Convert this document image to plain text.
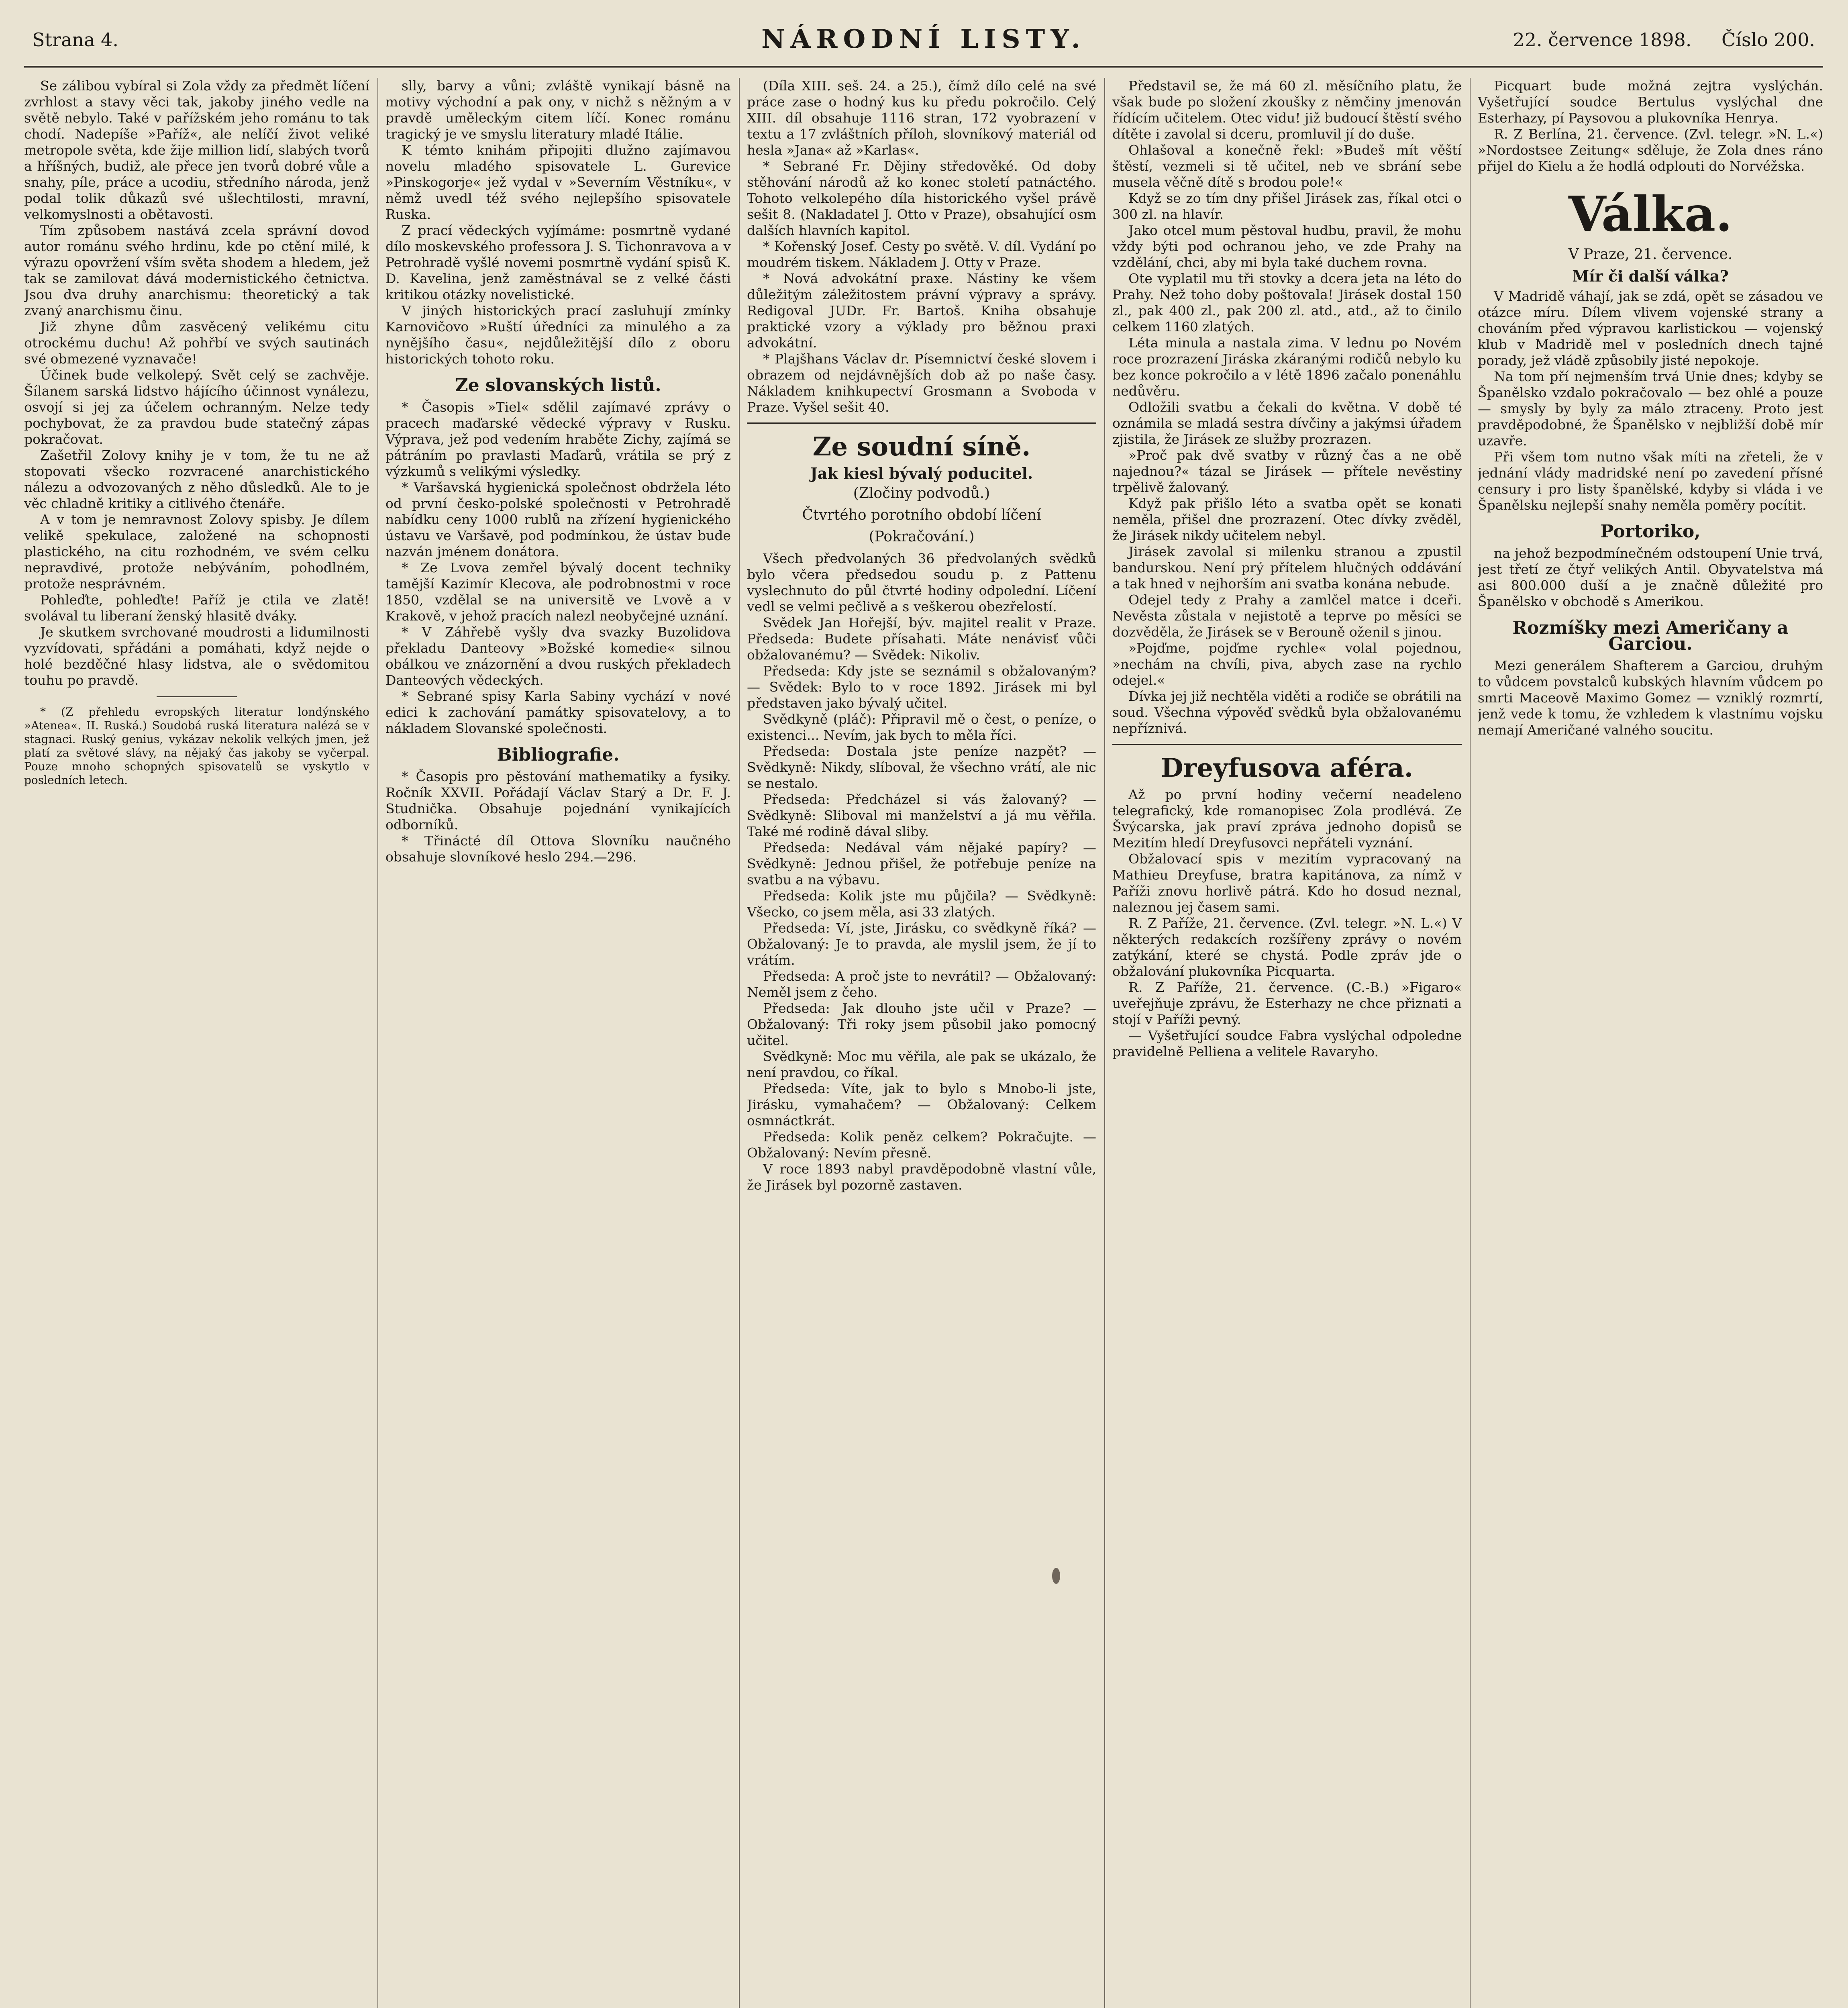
Strana 4.	NÁRODNÍ LISTY.	22. července 1898. Číslo 200.

Se zálibou vybíral si Zola vždy za předmět líčení zvrhlost a stavy věci tak, jakoby jiného vedle na světě nebylo. Také v pařížském jeho románu to tak chodí. Nadepíše »Paříž«, ale nelíčí život veliké metropole světa, kde žije million lidí, slabých tvorů a hříšných, budiž, ale přece jen tvorů dobré vůle a snahy, píle, práce a ucodiu, středního národa, jenž podal tolik důkazů své ušlechtilosti, mravní, velkomyslnosti a obětavosti.

Tím způsobem nastává zcela správní dovod autor románu svého hrdinu, kde po ctění milé, k výrazu opovržení vším světa shodem a hledem, jež tak se zamilovat dává modernistického četnictva. Jsou dva druhy anarchismu: theoretický a tak zvaný anarchismu činu.

Již zhyne dům zasvěcený velikému citu otrockému duchu! Až pohřbí ve svých sautinách své obmezené vyznavače!

Účinek bude velkolepý. Svět celý se zachvěje. Šílanem sarská lidstvo hájícího účinnost vynálezu, osvojí si jej za účelem ochranným. Nelze tedy pochybovat, že za pravdou bude statečný zápas pokračovat.

Zašetřil Zolovy knihy je v tom, že tu ne až stopovati všecko rozvracené anarchistického nálezu a odvozovaných z něho důsledků. Ale to je věc chladně kritiky a citlivého čtenáře.

A v tom je nemravnost Zolovy spisby. Je dílem velikě spekulace, založené na schopnosti plastického, na citu rozhodném, ve svém celku nepravdivé, protože nebýváním, pohodlném, protože nesprávném.

Pohleďte, pohleďte! Paříž je ctila ve zlatě! svolával tu liberaní ženský hlasitě dváky.

Je skutkem svrchované moudrosti a lidumilnosti vyzvídovati, spřádáni a pomáhati, když nejde o holé bezděčné hlasy lidstva, ale o svědomitou touhu po pravdě.

* (Z přehledu evropských literatur londýnského »Atenea«. II. Ruská.) Soudobá ruská literatura nalézá se v stagnaci. Ruský genius, vykázav nekolik velkých jmen, jež platí za světové slávy, na nějaký čas jakoby se vyčerpal. Pouze mnoho schopných spisovatelů se vyskytlo v posledních letech.

slly, barvy a vůni; zvláště vynikají básně na motivy východní a pak ony, v nichž s něžným a v pravdě uměleckým citem líčí. Konec románu tragický je ve smyslu literatury mladé Itálie.

K témto knihám připojiti dlužno zajímavou novelu mladého spisovatele L. Gurevice »Pinskogorje« jež vydal v »Severním Věstníku«, v němž uvedl též svého nejlepšího spisovatele Ruska.

Z prací vědeckých vyjímáme: posmrtně vydané dílo moskevského professora J. S. Tichonravova a v Petrohradě vyšlé novemi posmrtně vydání spisů K. D. Kavelina, jenž zaměstnával se z velké části kritikou otázky novelistické.

V jiných historických prací zasluhují zmínky Karnovičovo »Ruští úředníci za minulého a za nynějšího času«, nejdůležitější dílo z oboru historických tohoto roku.

Ze slovanských listů.

* Časopis »Tiel« sdělil zajímavé zprávy o pracech maďarské vědecké výpravy v Rusku. Výprava, jež pod vedením hraběte Zichy, zajímá se pátráním po pravlasti Maďarů, vrátila se prý z výzkumů s velikými výsledky.

* Varšavská hygienická společnost obdržela léto od první česko-polské společnosti v Petrohradě nabídku ceny 1000 rublů na zřízení hygienického ústavu ve Varšavě, pod podmínkou, že ústav bude nazván jménem donátora.

* Ze Lvova zemřel bývalý docent techniky tamější Kazimír Klecova, ale podrobnostmi v roce 1850, vzdělal se na universitě ve Lvově a v Krakově, v jehož pracích nalezl neobyčejné uznání.

* V Záhřebě vyšly dva svazky Buzolidova překladu Danteovy »Božské komedie« silnou obálkou ve znázornění a dvou ruských překladech Danteových vědeckých.

* Sebrané spisy Karla Sabiny vychází v nové edici k zachování památky spisovatelovy, a to nákladem Slovanské společnosti.

Bibliografie.

* Časopis pro pěstování mathematiky a fysiky. Ročník XXVII. Pořádají Václav Starý a Dr. F. J. Studnička. Obsahuje pojednání vynikajících odborníků.

* Třinácté díl Ottova Slovníku naučného obsahuje slovníkové heslo 294.—296.

(Díla XIII. seš. 24. a 25.), čímž dílo celé na své práce zase o hodný kus ku předu pokročilo. Celý XIII. díl obsahuje 1116 stran, 172 vyobrazení v textu a 17 zvláštních příloh, slovníkový materiál od hesla »Jana« až »Karlas«.

* Sebrané Fr. Dějiny středověké. Od doby stěhování národů až ko konec století patnáctého. Tohoto velkolepého díla historického vyšel právě sešit 8. (Nakladatel J. Otto v Praze), obsahující osm dalších hlavních kapitol.

* Kořenský Josef. Cesty po světě. V. díl. Vydání po moudrém tiskem. Nákladem J. Otty v Praze.

* Nová advokátní praxe. Nástiny ke všem důležitým záležitostem právní výpravy a správy. Redigoval JUDr. Fr. Bartoš. Kniha obsahuje praktické vzory a výklady pro běžnou praxi advokátní.

* Plajšhans Václav dr. Písemnictví české slovem i obrazem od nejdávnějších dob až po naše časy. Nákladem knihkupectví Grosmann a Svoboda v Praze. Vyšel sešit 40.

Ze soudní síně.
Jak kiesl bývalý poducitel.
(Zločiny podvodů.)
Čtvrtého porotního období líčení
(Pokračování.)

Všech předvolaných 36 předvolaných svědků bylo včera předsedou soudu p. z Pattenu vyslechnuto do půl čtvrté hodiny odpolední. Líčení vedl se velmi pečlivě a s veškerou obezřelostí.

Svědek Jan Hořejší, býv. majitel realit v Praze. Předseda: Budete přísahati. Máte nenávisť vůči obžalovanému? — Svědek: Nikoliv.

Předseda: Kdy jste se seznámil s obžalovaným? — Svědek: Bylo to v roce 1892. Jirásek mi byl představen jako bývalý učitel.

Svědkyně (pláč): Připravil mě o čest, o peníze, o existenci... Nevím, jak bych to měla říci.

Předseda: Dostala jste peníze nazpět? — Svědkyně: Nikdy, slíboval, že všechno vrátí, ale nic se nestalo.

Předseda: Předcházel si vás žalovaný? — Svědkyně: Sliboval mi manželství a já mu věřila. Také mé rodině dával sliby.

Předseda: Nedával vám nějaké papíry? — Svědkyně: Jednou přišel, že potřebuje peníze na svatbu a na výbavu.

Předseda: Kolik jste mu půjčila? — Svědkyně: Všecko, co jsem měla, asi 33 zlatých.

Předseda: Ví, jste, Jirásku, co svědkyně říká? — Obžalovaný: Je to pravda, ale myslil jsem, že jí to vrátím.

Předseda: A proč jste to nevrátil? — Obžalovaný: Neměl jsem z čeho.

Předseda: Jak dlouho jste učil v Praze? — Obžalovaný: Tři roky jsem působil jako pomocný učitel.

Svědkyně: Moc mu věřila, ale pak se ukázalo, že není pravdou, co říkal.

Předseda: Víte, jak to bylo s Mnobo-li jste, Jirásku, vymahačem? — Obžalovaný: Celkem osmnáctkrát.

Předseda: Kolik peněz celkem? Pokračujte. — Obžalovaný: Nevím přesně.

V roce 1893 nabyl pravděpodobně vlastní vůle, že Jirásek byl pozorně zastaven.

Představil se, že má 60 zl. měsíčního platu, že však bude po složení zkoušky z němčiny jmenován řídícím učitelem. Otec vidu! již budoucí štěstí svého dítěte i zavolal si dceru, promluvil jí do duše.

Ohlašoval a konečně řekl: »Budeš mít věští štěstí, vezmeli si tě učitel, neb ve sbrání sebe musela věčně dítě s brodou pole!«

Když se zo tím dny přišel Jirásek zas, říkal otci o 300 zl. na hlavír.

Jako otcel mum pěstoval hudbu, pravil, že mohu vždy býti pod ochranou jeho, ve zde Prahy na vzdělání, chci, aby mi byla také duchem rovna.

Ote vyplatil mu tři stovky a dcera jeta na léto do Prahy. Než toho doby poštovala! Jirásek dostal 150 zl., pak 400 zl., pak 200 zl. atd., atd., až to činilo celkem 1160 zlatých.

Léta minula a nastala zima. V lednu po Novém roce prozrazení Jiráska zkáranými rodičů nebylo ku bez konce pokročilo a v létě 1896 začalo ponenáhlu nedůvěru.

Odložili svatbu a čekali do května. V době té oznámila se mladá sestra dívčiny a jakýmsi úřadem zjistila, že Jirásek ze služby prozrazen.

»Proč pak dvě svatby v různý čas a ne obě najednou?« tázal se Jirásek — přítele nevěstiny trpělivě žalovaný.

Když pak přišlo léto a svatba opět se konati neměla, přišel dne prozrazení. Otec dívky zvěděl, že Jirásek nikdy učitelem nebyl.

Jirásek zavolal si milenku stranou a zpustil bandurskou. Není prý přítelem hlučných oddávání a tak hned v nejhorším ani svatba konána nebude.

Odejel tedy z Prahy a zamlčel matce i dceři. Nevěsta zůstala v nejistotě a teprve po měsíci se dozvěděla, že Jirásek se v Berouně oženil s jinou.

»Pojďme, pojďme rychle« volal pojednou, »nechám na chvíli, piva, abych zase na rychlo odejel.«

Dívka jej již nechtěla viděti a rodiče se obrátili na soud. Všechna výpověď svědků byla obžalovanému nepříznivá.

Dreyfusova aféra.

Až po první hodiny večerní neadeleno telegrafický, kde romanopisec Zola prodlévá. Ze Švýcarska, jak praví zpráva jednoho dopisů se Mezitím hledí Dreyfusovci nepřáteli vyznání.

Obžalovací spis v mezitím vypracovaný na Mathieu Dreyfuse, bratra kapitánova, za nímž v Paříži znovu horlivě pátrá. Kdo ho dosud neznal, naleznou jej časem sami.

R. Z Paříže, 21. července. (Zvl. telegr. »N. L.«) V některých redakcích rozšířeny zprávy o novém zatýkání, které se chystá. Podle zpráv jde o obžalování plukovníka Picquarta.

R. Z Paříže, 21. července. (C.-B.) »Figaro« uveřejňuje zprávu, že Esterhazy ne chce přiznati a stojí v Paříži pevný.

— Vyšetřující soudce Fabra vyslýchal odpoledne pravidelně Pelliena a velitele Ravaryho.

Picquart bude možná zejtra vyslýchán. Vyšetřující soudce Bertulus vyslýchal dne Esterhazy, pí Paysovou a plukovníka Henrya.

R. Z Berlína, 21. července. (Zvl. telegr. »N. L.«) »Nordostsee Zeitung« sděluje, že Zola dnes ráno přijel do Kielu a že hodlá odplouti do Norvéžska.

Válka.
V Praze, 21. července.
Mír či další válka?

V Madridě váhají, jak se zdá, opět se zásadou ve otázce míru. Dílem vlivem vojenské strany a chováním před výpravou karlistickou — vojenský klub v Madridě mel v posledních dnech tajné porady, jež vládě způsobily jisté nepokoje.

Na tom pří nejmenším trvá Unie dnes; kdyby se Španělsko vzdalo pokračovalo — bez ohlé a pouze — smysly by byly za málo ztraceny. Proto jest pravděpodobné, že Španělsko v nejbližší době mír uzavře.

Při všem tom nutno však míti na zřeteli, že v jednání vlády madridské není po zavedení přísné censury i pro listy španělské, kdyby si vláda i ve Španělsku nejlepší snahy neměla poměry pocítit.

Portoriko,

na jehož bezpodmínečném odstoupení Unie trvá, jest třetí ze čtyř velikých Antil. Obyvatelstva má asi 800.000 duší a je značně důležité pro Španělsko v obchodě s Amerikou.

Rozmíšky mezi Američany a Garciou.

Mezi generálem Shafterem a Garciou, druhým to vůdcem povstalců kubských hlavním vůdcem po smrti Maceově Maximo Gomez — vzniklý rozmrtí, jenž vede k tomu, že vzhledem k vlastnímu vojsku nemají Američané valného soucitu.
